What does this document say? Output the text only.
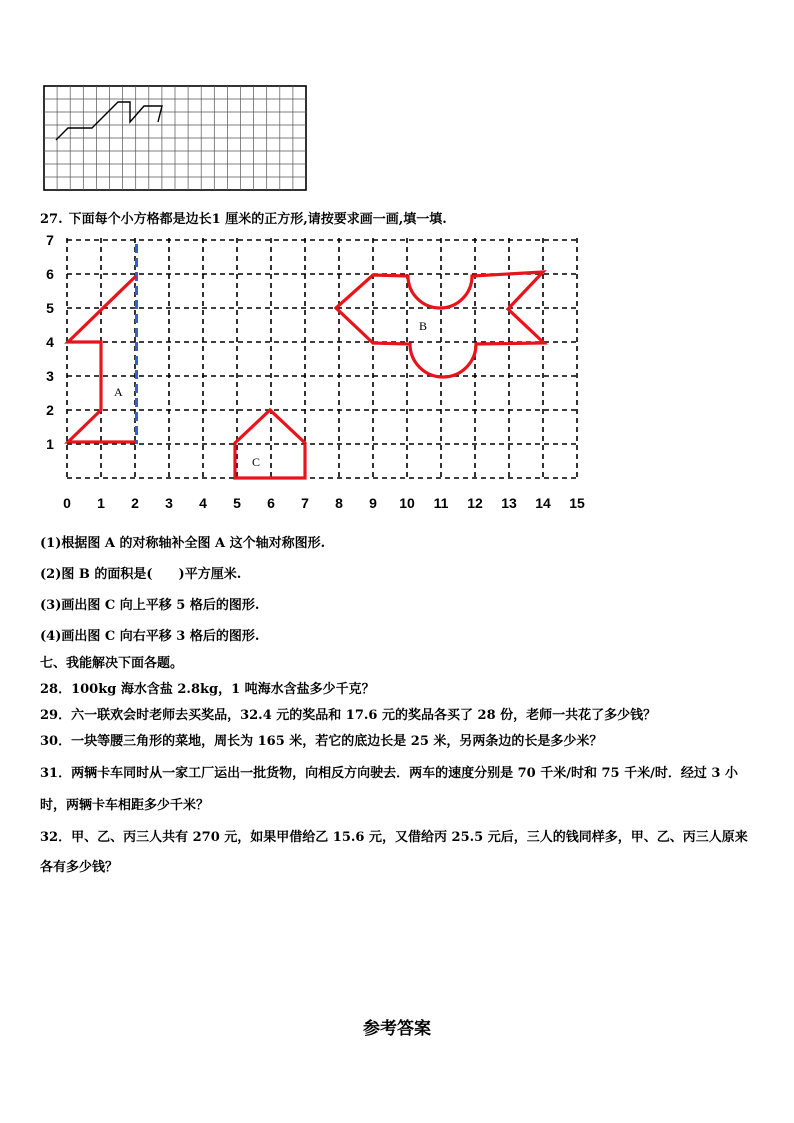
27. 下面每个小方格都是边长1 厘米的正方形,请按要求画一画,填一填.
0 1 2 3 4 5 6 7 8 9 10 11 12 13 14 15
1
2
3
4
5
6
7
A
C
B
(1)根据图 A 的对称轴补全图 A 这个轴对称图形.
(2)图 B 的面积是(　　)平方厘米.
(3)画出图 C 向上平移 5 格后的图形.
(4)画出图 C 向右平移 3 格后的图形.
七、我能解决下面各题。
28．100kg 海水含盐 2.8kg，1 吨海水含盐多少千克？
29．六一联欢会时老师去买奖品，32.4 元的奖品和 17.6 元的奖品各买了 28 份，老师一共花了多少钱？
30．一块等腰三角形的菜地，周长为 165 米，若它的底边长是 25 米，另两条边的长是多少米？
31．两辆卡车同时从一家工厂运出一批货物，向相反方向驶去．两车的速度分别是 70 千米/时和 75 千米/时．经过 3 小
时，两辆卡车相距多少千米？
32．甲、乙、丙三人共有 270 元，如果甲借给乙 15.6 元，又借给丙 25.5 元后，三人的钱同样多，甲、乙、丙三人原来
各有多少钱？
参考答案
